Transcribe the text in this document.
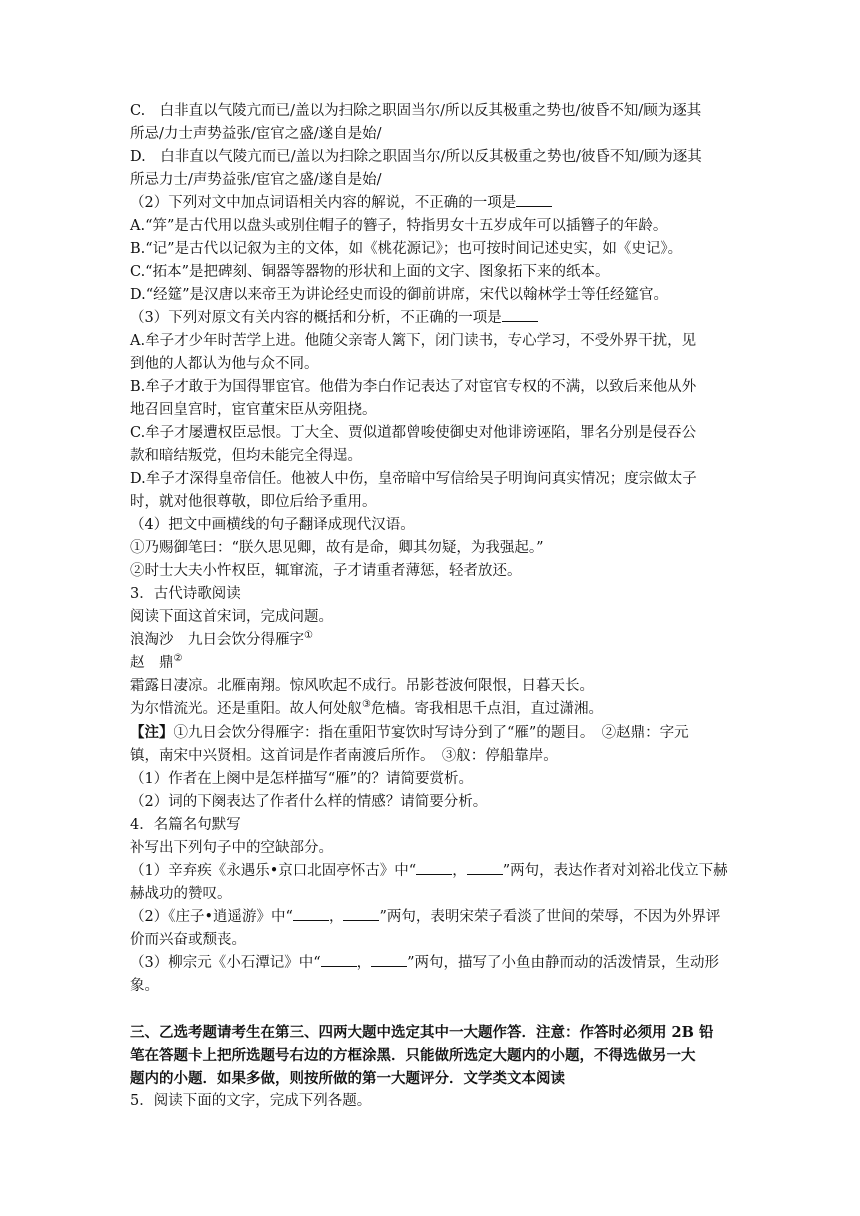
C.　白非直以气陵亢而已/盖以为扫除之职固当尔/所以反其极重之势也/彼昏不知/顾为逐其

所忌/力士声势益张/宦官之盛/遂自是始/

D.　白非直以气陵亢而已/盖以为扫除之职固当尔/所以反其极重之势也/彼昏不知/顾为逐其

所忌力士/声势益张/宦官之盛/遂自是始/

（2）下列对文中加点词语相关内容的解说，不正确的一项是

A.“笄”是古代用以盘头或别住帽子的簪子，特指男女十五岁成年可以插簪子的年龄。

B.“记”是古代以记叙为主的文体，如《桃花源记》；也可按时间记述史实，如《史记》。

C.“拓本”是把碑刻、铜器等器物的形状和上面的文字、图象拓下来的纸本。

D.“经筵”是汉唐以来帝王为讲论经史而设的御前讲席，宋代以翰林学士等任经筵官。

（3）下列对原文有关内容的概括和分析，不正确的一项是

A.牟子才少年时苦学上进。他随父亲寄人篱下，闭门读书，专心学习，不受外界干扰，见

到他的人都认为他与众不同。

B.牟子才敢于为国得罪宦官。他借为李白作记表达了对宦官专权的不满，以致后来他从外

地召回皇宫时，宦官董宋臣从旁阻挠。

C.牟子才屡遭权臣忌恨。丁大全、贾似道都曾唆使御史对他诽谤诬陷，罪名分别是侵吞公

款和暗结叛党，但均未能完全得逞。

D.牟子才深得皇帝信任。他被人中伤，皇帝暗中写信给吴子明询问真实情况；度宗做太子

时，就对他很尊敬，即位后给予重用。

（4）把文中画横线的句子翻译成现代汉语。

①乃赐御笔曰：“朕久思见卿，故有是命，卿其勿疑，为我强起。”

②时士大夫小忤权臣，辄窜流，子才请重者薄惩，轻者放还。

3．古代诗歌阅读

阅读下面这首宋词，完成问题。

浪淘沙　九日会饮分得雁字①

赵　鼎②

霜露日凄凉。北雁南翔。惊风吹起不成行。吊影苍波何限恨，日暮天长。

为尔惜流光。还是重阳。故人何处舣③危樯。寄我相思千点泪，直过潇湘。

【注】①九日会饮分得雁字：指在重阳节宴饮时写诗分到了“雁”的题目。　②赵鼎：字元

镇，南宋中兴贤相。这首词是作者南渡后所作。　③舣：停船靠岸。

（1）作者在上阕中是怎样描写“雁”的？请简要赏析。

（2）词的下阕表达了作者什么样的情感？请简要分析。

4．名篇名句默写

补写出下列句子中的空缺部分。

（1）辛弃疾《永遇乐•京口北固亭怀古》中“ ， ”两句，表达作者对刘裕北伐立下赫

赫战功的赞叹。

（2）《庄子•逍遥游》中“ ， ”两句，表明宋荣子看淡了世间的荣辱，不因为外界评

价而兴奋或颓丧。

（3）柳宗元《小石潭记》中“ ， ”两句，描写了小鱼由静而动的活泼情景，生动形

象。

三、乙选考题请考生在第三、四两大题中选定其中一大题作答．注意：作答时必须用 2B 铅

笔在答题卡上把所选题号右边的方框涂黑．只能做所选定大题内的小题，不得选做另一大

题内的小题．如果多做，则按所做的第一大题评分．文学类文本阅读

5．阅读下面的文字，完成下列各题。
